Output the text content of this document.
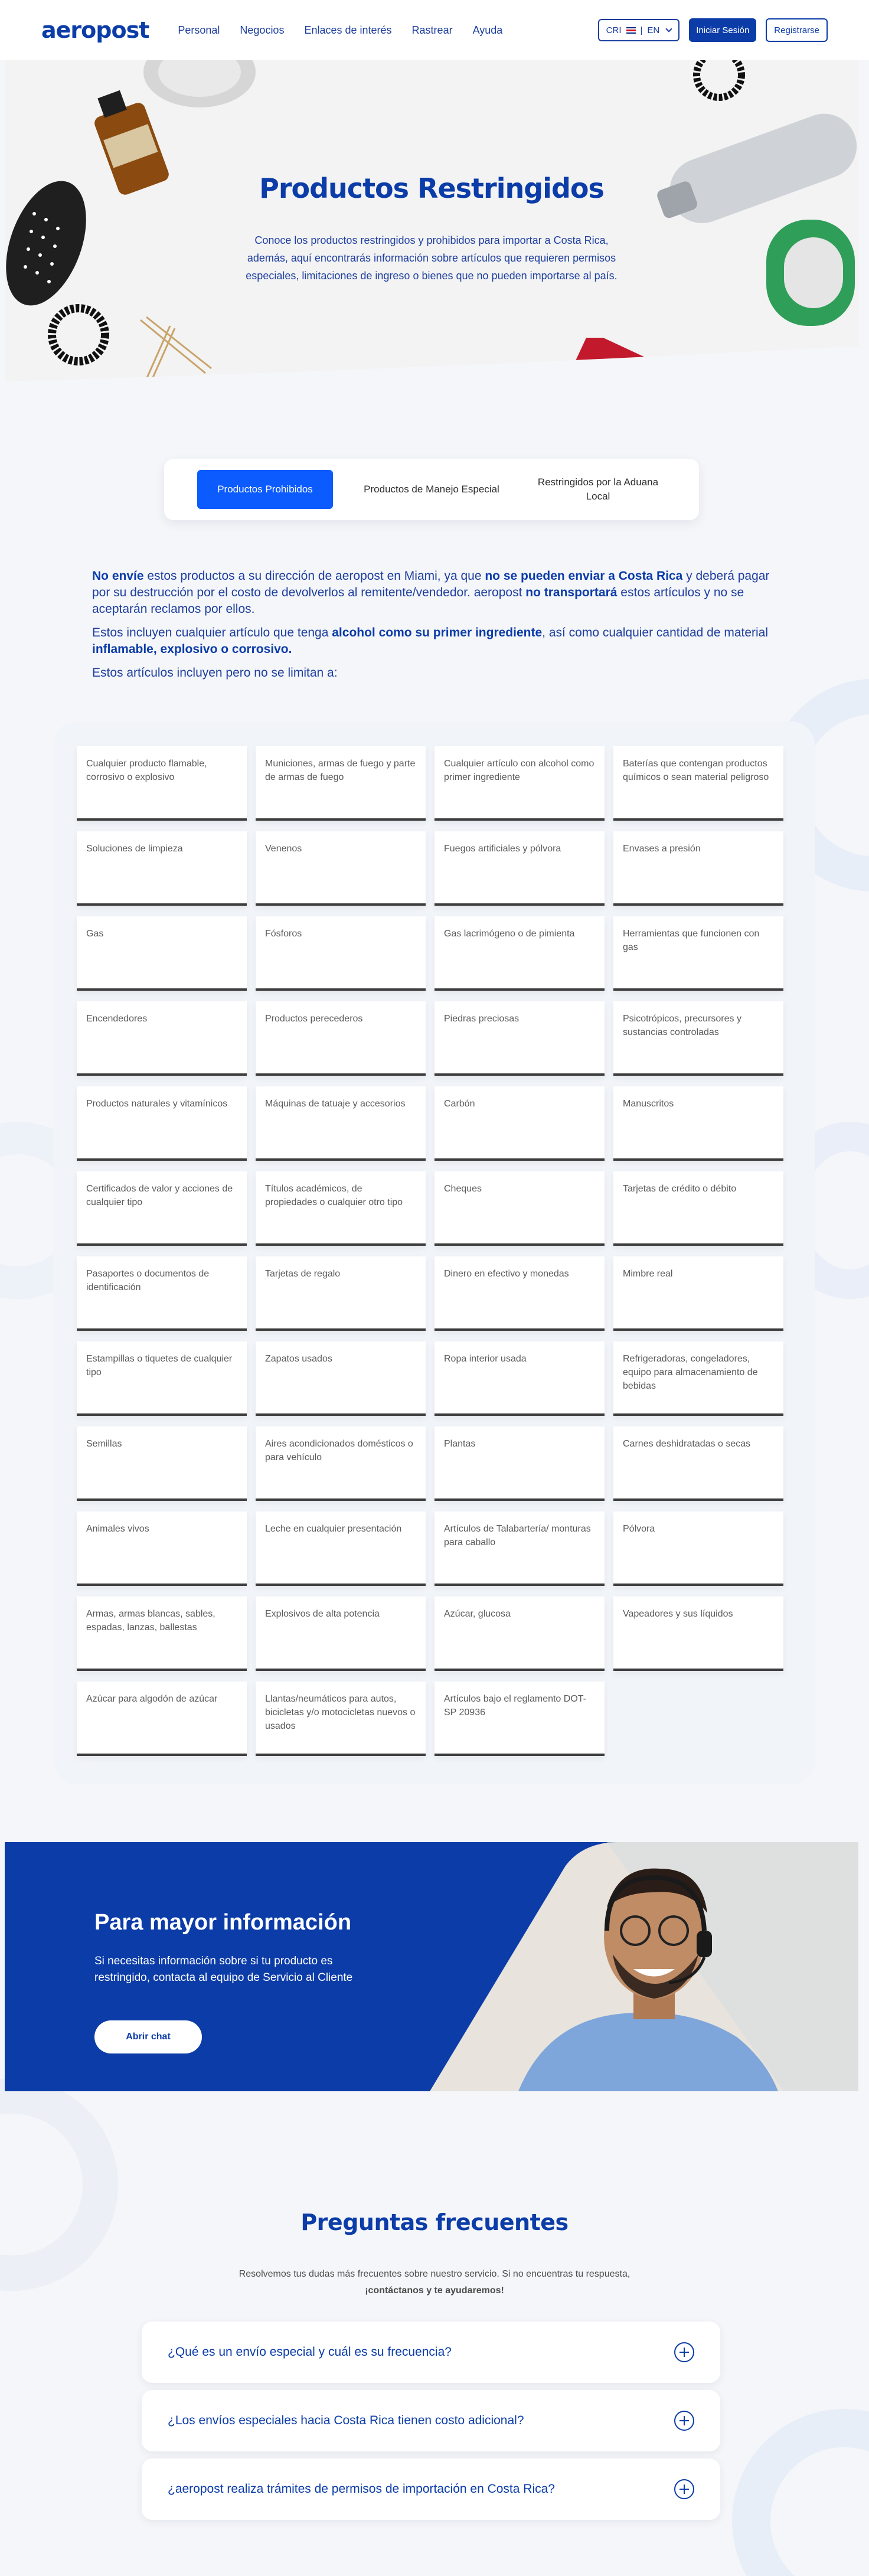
aeropost	Personal	Negocios	Enlaces de interés	Rastrear	Ayuda	CRI | EN	Iniciar Sesión	Registrarse
Productos Restringidos

Conoce los productos restringidos y prohibidos para importar a Costa Rica, además, aquí encontrarás información sobre artículos que requieren permisos especiales, limitaciones de ingreso o bienes que no pueden importarse al país.

Productos Prohibidos	Productos de Manejo Especial
Restringidos por la Aduana Local

No envíe estos productos a su dirección de aeropost en Miami, ya que no se pueden enviar a Costa Rica y deberá pagar por su destrucción por el costo de devolverlos al remitente/vendedor. aeropost no transportará estos artículos y no se aceptarán reclamos por ellos.

Estos incluyen cualquier artículo que tenga alcohol como su primer ingrediente, así como cualquier cantidad de material inflamable, explosivo o corrosivo.

Estos artículos incluyen pero no se limitan a:

Cualquier producto flamable, corrosivo o explosivo
Municiones, armas de fuego y parte de armas de fuego
Cualquier artículo con alcohol como primer ingrediente
Baterías que contengan productos químicos o sean material peligroso
Soluciones de limpieza	Venenos	Fuegos artificiales y pólvora	Envases a presión
Gas	Fósforos	Gas lacrimógeno o de pimienta	Herramientas que funcionen con gas
Encendedores	Productos perecederos	Piedras preciosas	Psicotrópicos, precursores y sustancias controladas
Productos naturales y vitamínicos	Máquinas de tatuaje y accesorios	Carbón	Manuscritos
Certificados de valor y acciones de cualquier tipo
Títulos académicos, de propiedades o cualquier otro tipo
Cheques	Tarjetas de crédito o débito
Pasaportes o documentos de identificación
Tarjetas de regalo	Dinero en efectivo y monedas	Mimbre real
Estampillas o tiquetes de cualquier tipo
Zapatos usados	Ropa interior usada	Refrigeradoras, congeladores, equipo para almacenamiento de bebidas
Semillas	Aires acondicionados domésticos o para vehículo
Plantas	Carnes deshidratadas o secas
Animales vivos	Leche en cualquier presentación	Artículos de Talabartería/ monturas para caballo
Pólvora
Armas, armas blancas, sables, espadas, lanzas, ballestas
Explosivos de alta potencia	Azúcar, glucosa	Vapeadores y sus líquidos
Azúcar para algodón de azúcar	Llantas/neumáticos para autos, bicicletas y/o motocicletas nuevos o usados
Artículos bajo el reglamento DOT-SP 20936
Para mayor información

Si necesitas información sobre si tu producto es restringido, contacta al equipo de Servicio al Cliente

Abrir chat
Preguntas frecuentes

Resolvemos tus dudas más frecuentes sobre nuestro servicio. Si no encuentras tu respuesta,
¡contáctanos y te ayudaremos!

¿Qué es un envío especial y cuál es su frecuencia?
¿Los envíos especiales hacia Costa Rica tienen costo adicional?
¿aeropost realiza trámites de permisos de importación en Costa Rica?
